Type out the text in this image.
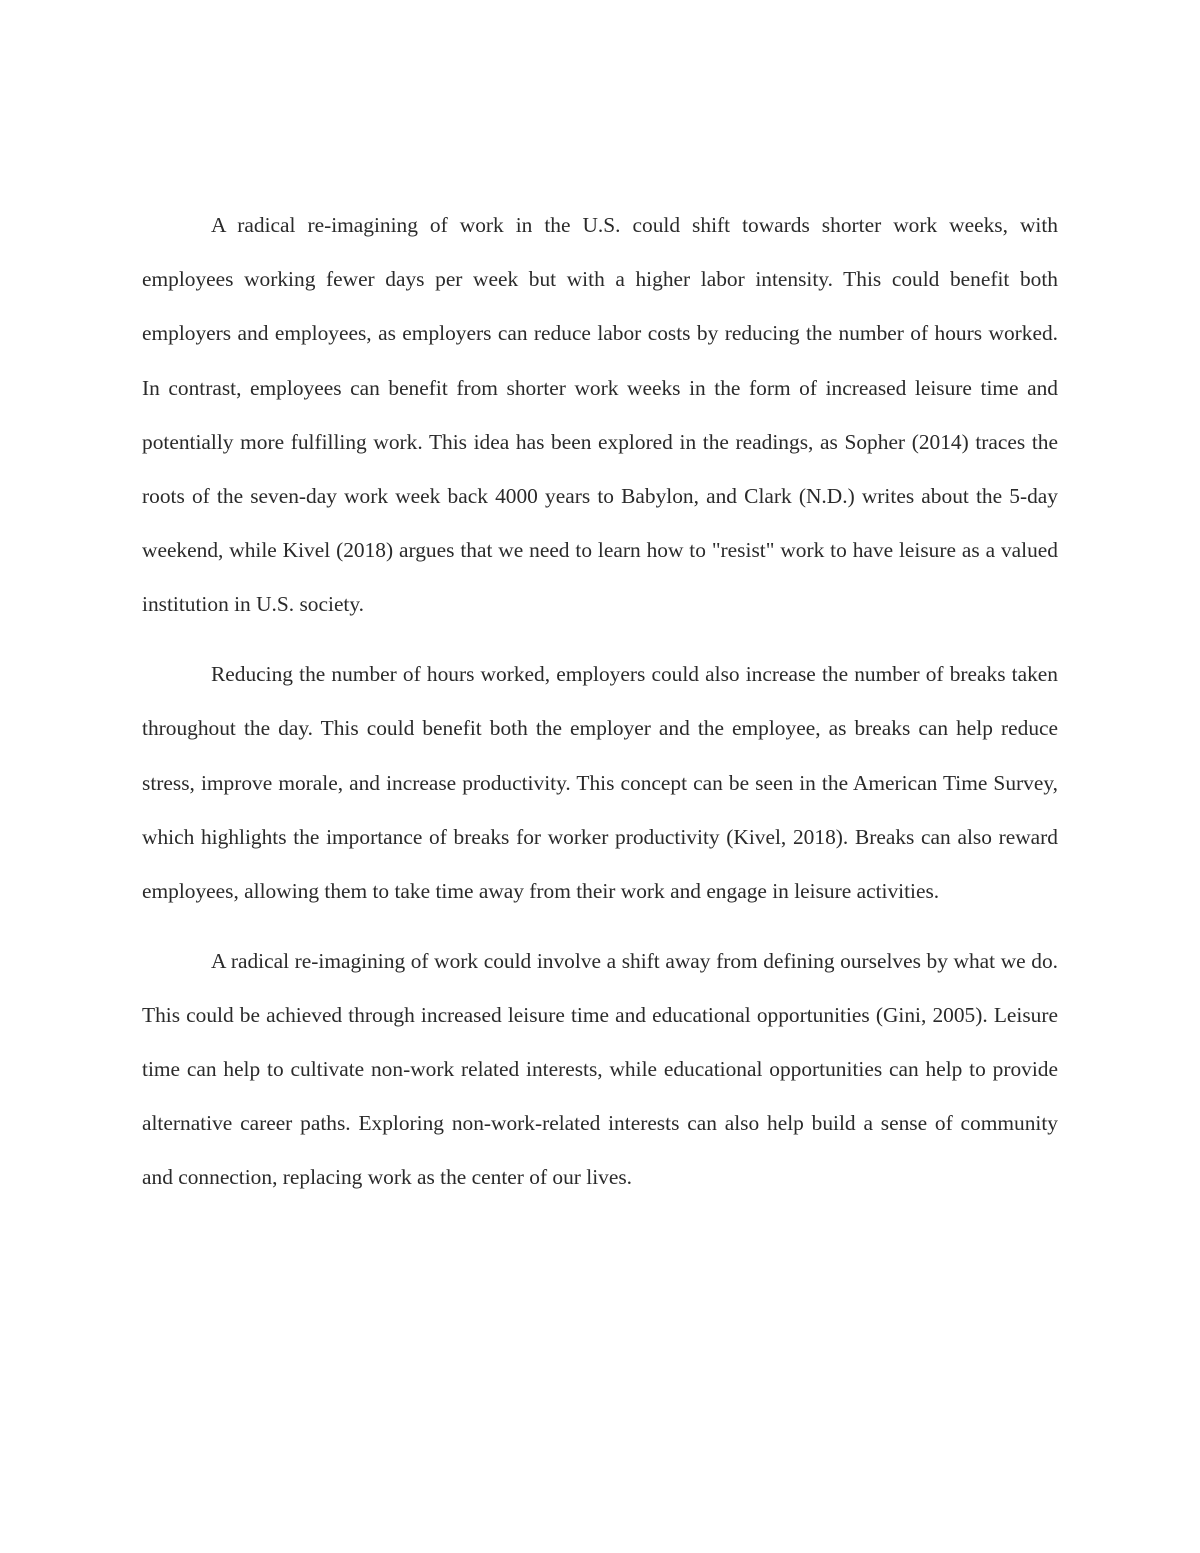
A radical re-imagining of work in the U.S. could shift towards shorter work weeks, with employees working fewer days per week but with a higher labor intensity. This could benefit both employers and employees, as employers can reduce labor costs by reducing the number of hours worked. In contrast, employees can benefit from shorter work weeks in the form of increased leisure time and potentially more fulfilling work. This idea has been explored in the readings, as Sopher (2014) traces the roots of the seven-day work week back 4000 years to Babylon, and Clark (N.D.) writes about the 5-day weekend, while Kivel (2018) argues that we need to learn how to "resist" work to have leisure as a valued institution in U.S. society.

Reducing the number of hours worked, employers could also increase the number of breaks taken throughout the day. This could benefit both the employer and the employee, as breaks can help reduce stress, improve morale, and increase productivity. This concept can be seen in the American Time Survey, which highlights the importance of breaks for worker productivity (Kivel, 2018). Breaks can also reward employees, allowing them to take time away from their work and engage in leisure activities.

A radical re-imagining of work could involve a shift away from defining ourselves by what we do. This could be achieved through increased leisure time and educational opportunities (Gini, 2005). Leisure time can help to cultivate non-work related interests, while educational opportunities can help to provide alternative career paths. Exploring non-work-related interests can also help build a sense of community and connection, replacing work as the center of our lives.
